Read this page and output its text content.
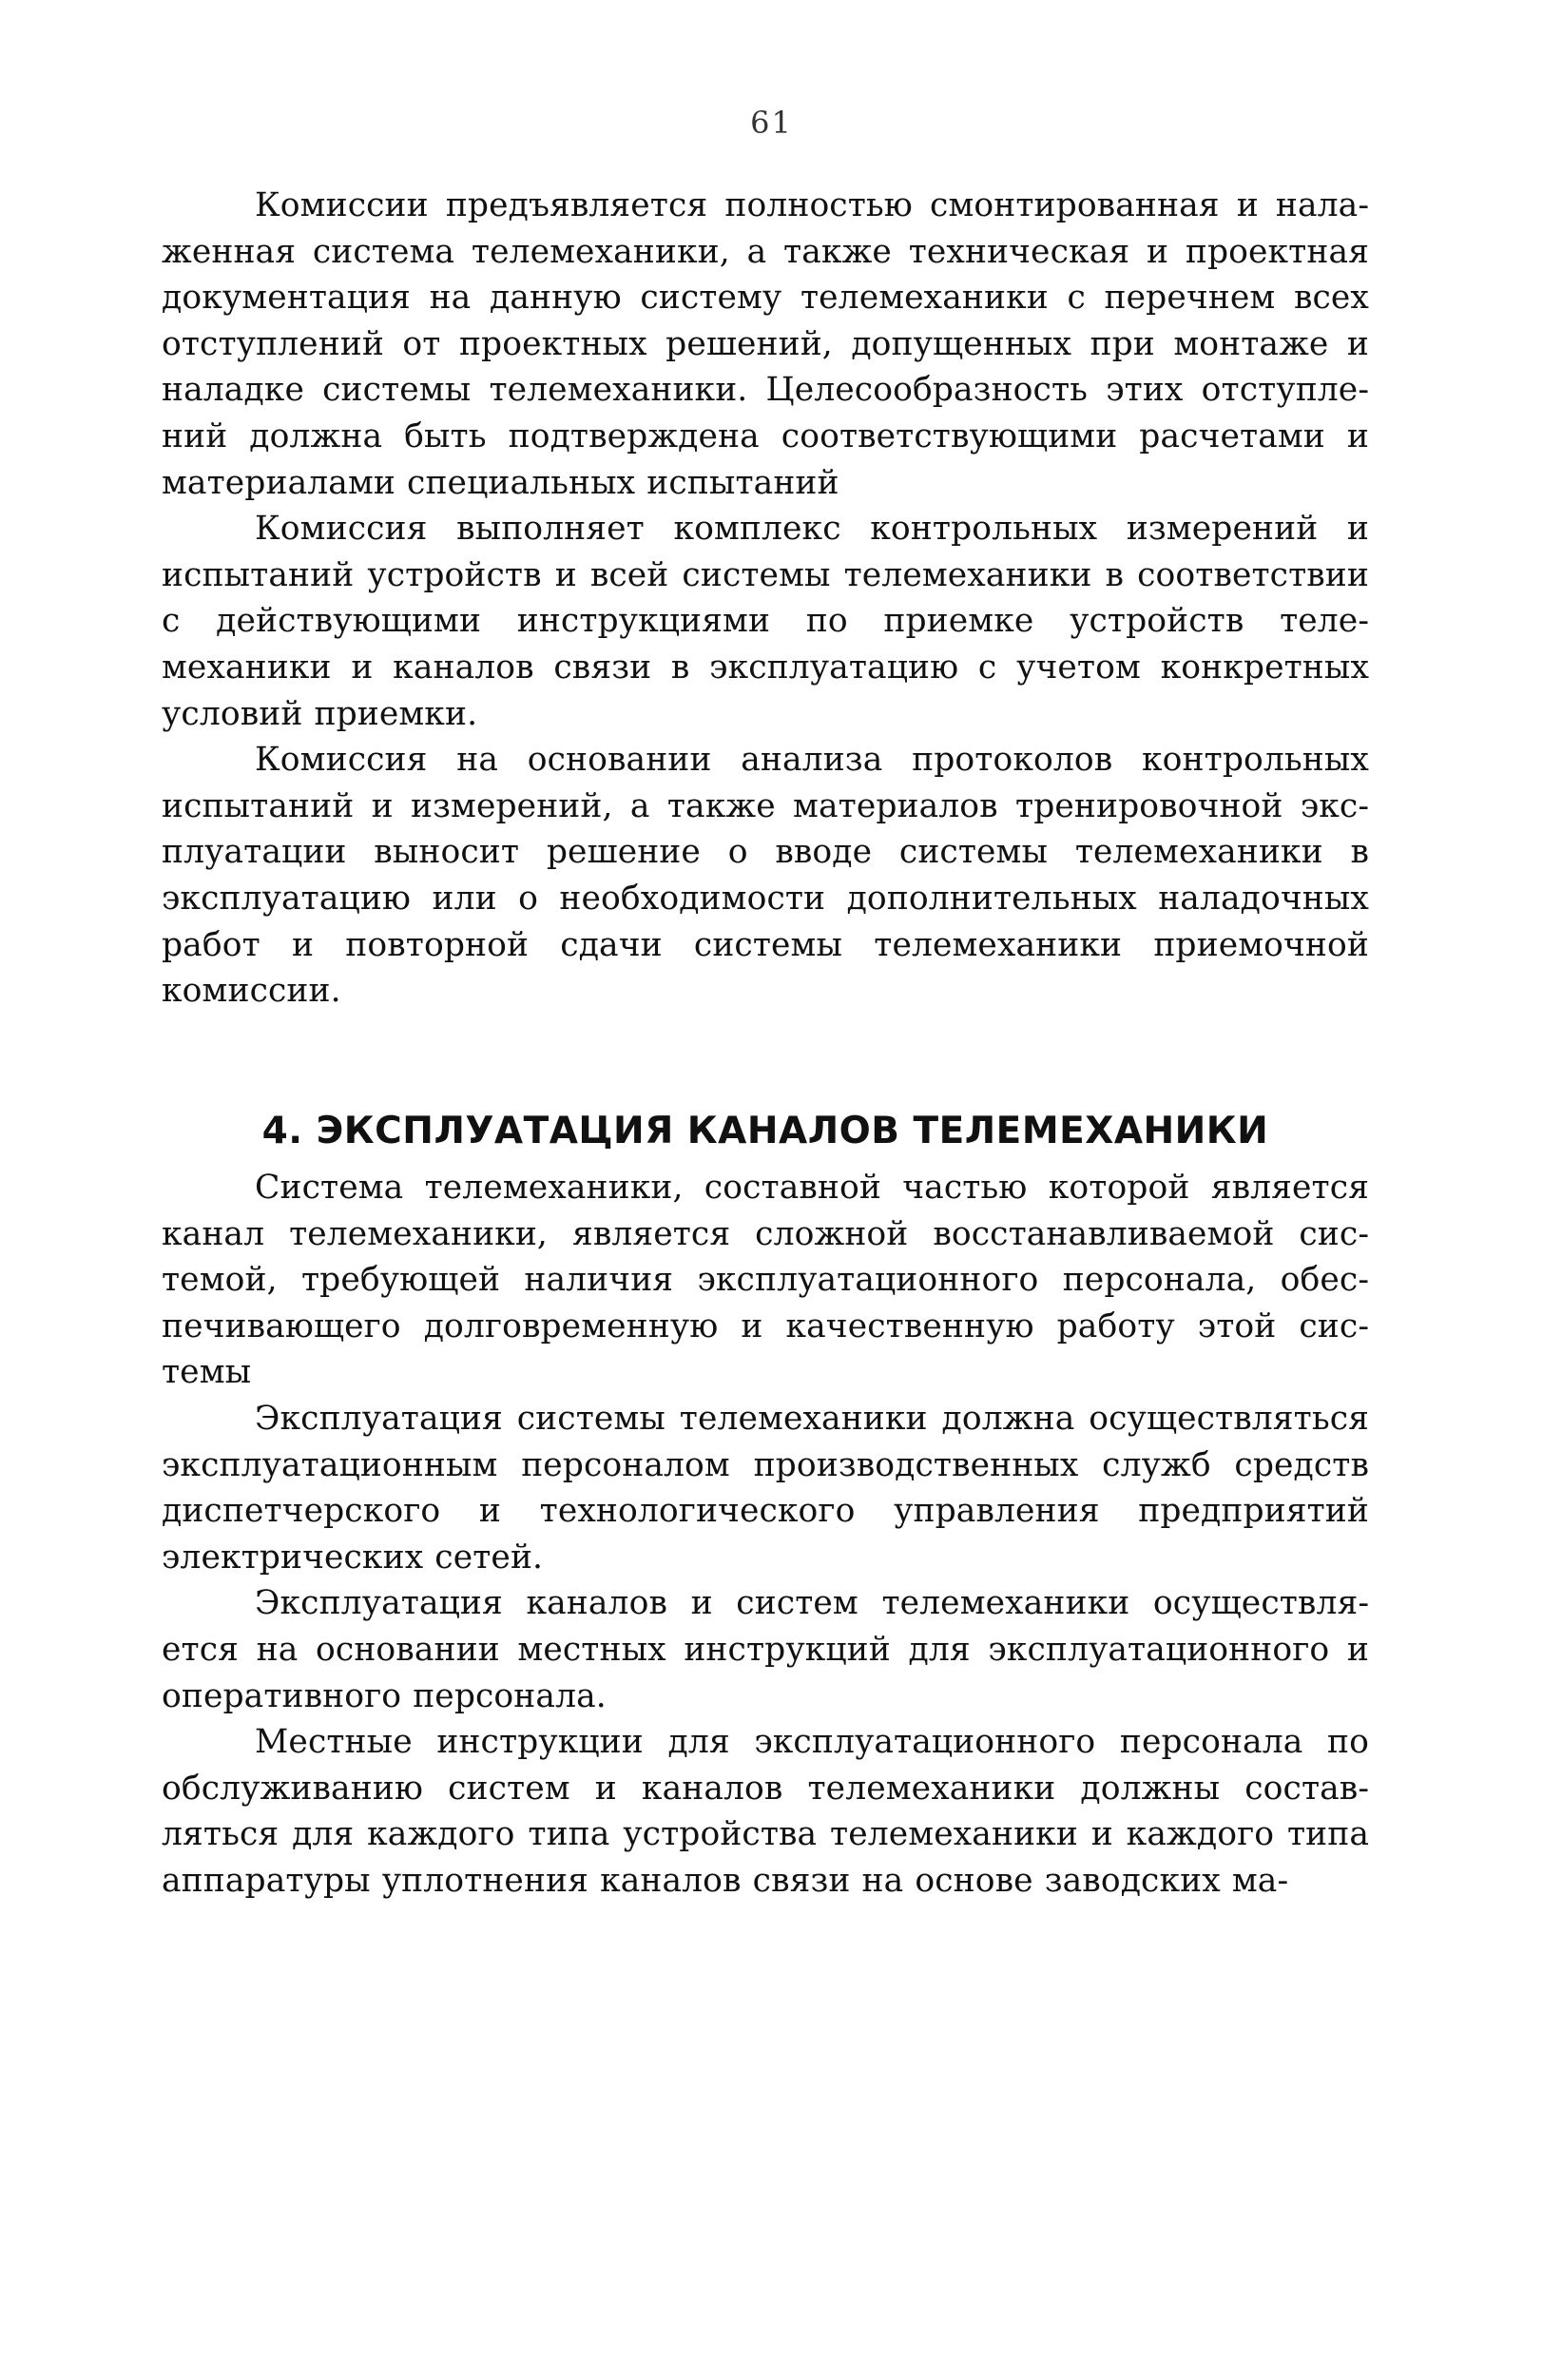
61

Комиссии предъявляется полностью смонтированная и налаженная система телемеханики, а также техническая и проектная документация на данную систему телемеханики с перечнем всех отступлений от проектных решений, допущенных при монтаже и наладке системы телемеханики. Целесообразность этих отступлений должна быть подтверждена соответствующими расчетами и материалами специальных испытаний

Комиссия выполняет комплекс контрольных измерений и испытаний устройств и всей системы телемеханики в соответствии с действующими инструкциями по приемке устройств телемеханики и каналов связи в эксплуатацию с учетом конкретных условий приемки.

Комиссия на основании анализа протоколов контрольных испытаний и измерений, а также материалов тренировочной эксплуатации выносит решение о вводе системы телемеханики в эксплуатацию или о необходимости дополнительных наладочных работ и повторной сдачи системы телемеханики приемочной комиссии.

4. ЭКСПЛУАТАЦИЯ КАНАЛОВ ТЕЛЕМЕХАНИКИ

Система телемеханики, составной частью которой является канал телемеханики, является сложной восстанавливаемой системой, требующей наличия эксплуатационного персонала, обеспечивающего долговременную и качественную работу этой системы

Эксплуатация системы телемеханики должна осуществляться эксплуатационным персоналом производственных служб средств диспетчерского и технологического управления предприятий электрических сетей.

Эксплуатация каналов и систем телемеханики осуществляется на основании местных инструкций для эксплуатационного и оперативного персонала.

Местные инструкции для эксплуатационного персонала по обслуживанию систем и каналов телемеханики должны составляться для каждого типа устройства телемеханики и каждого типа аппаратуры уплотнения каналов связи на основе заводских ма-
